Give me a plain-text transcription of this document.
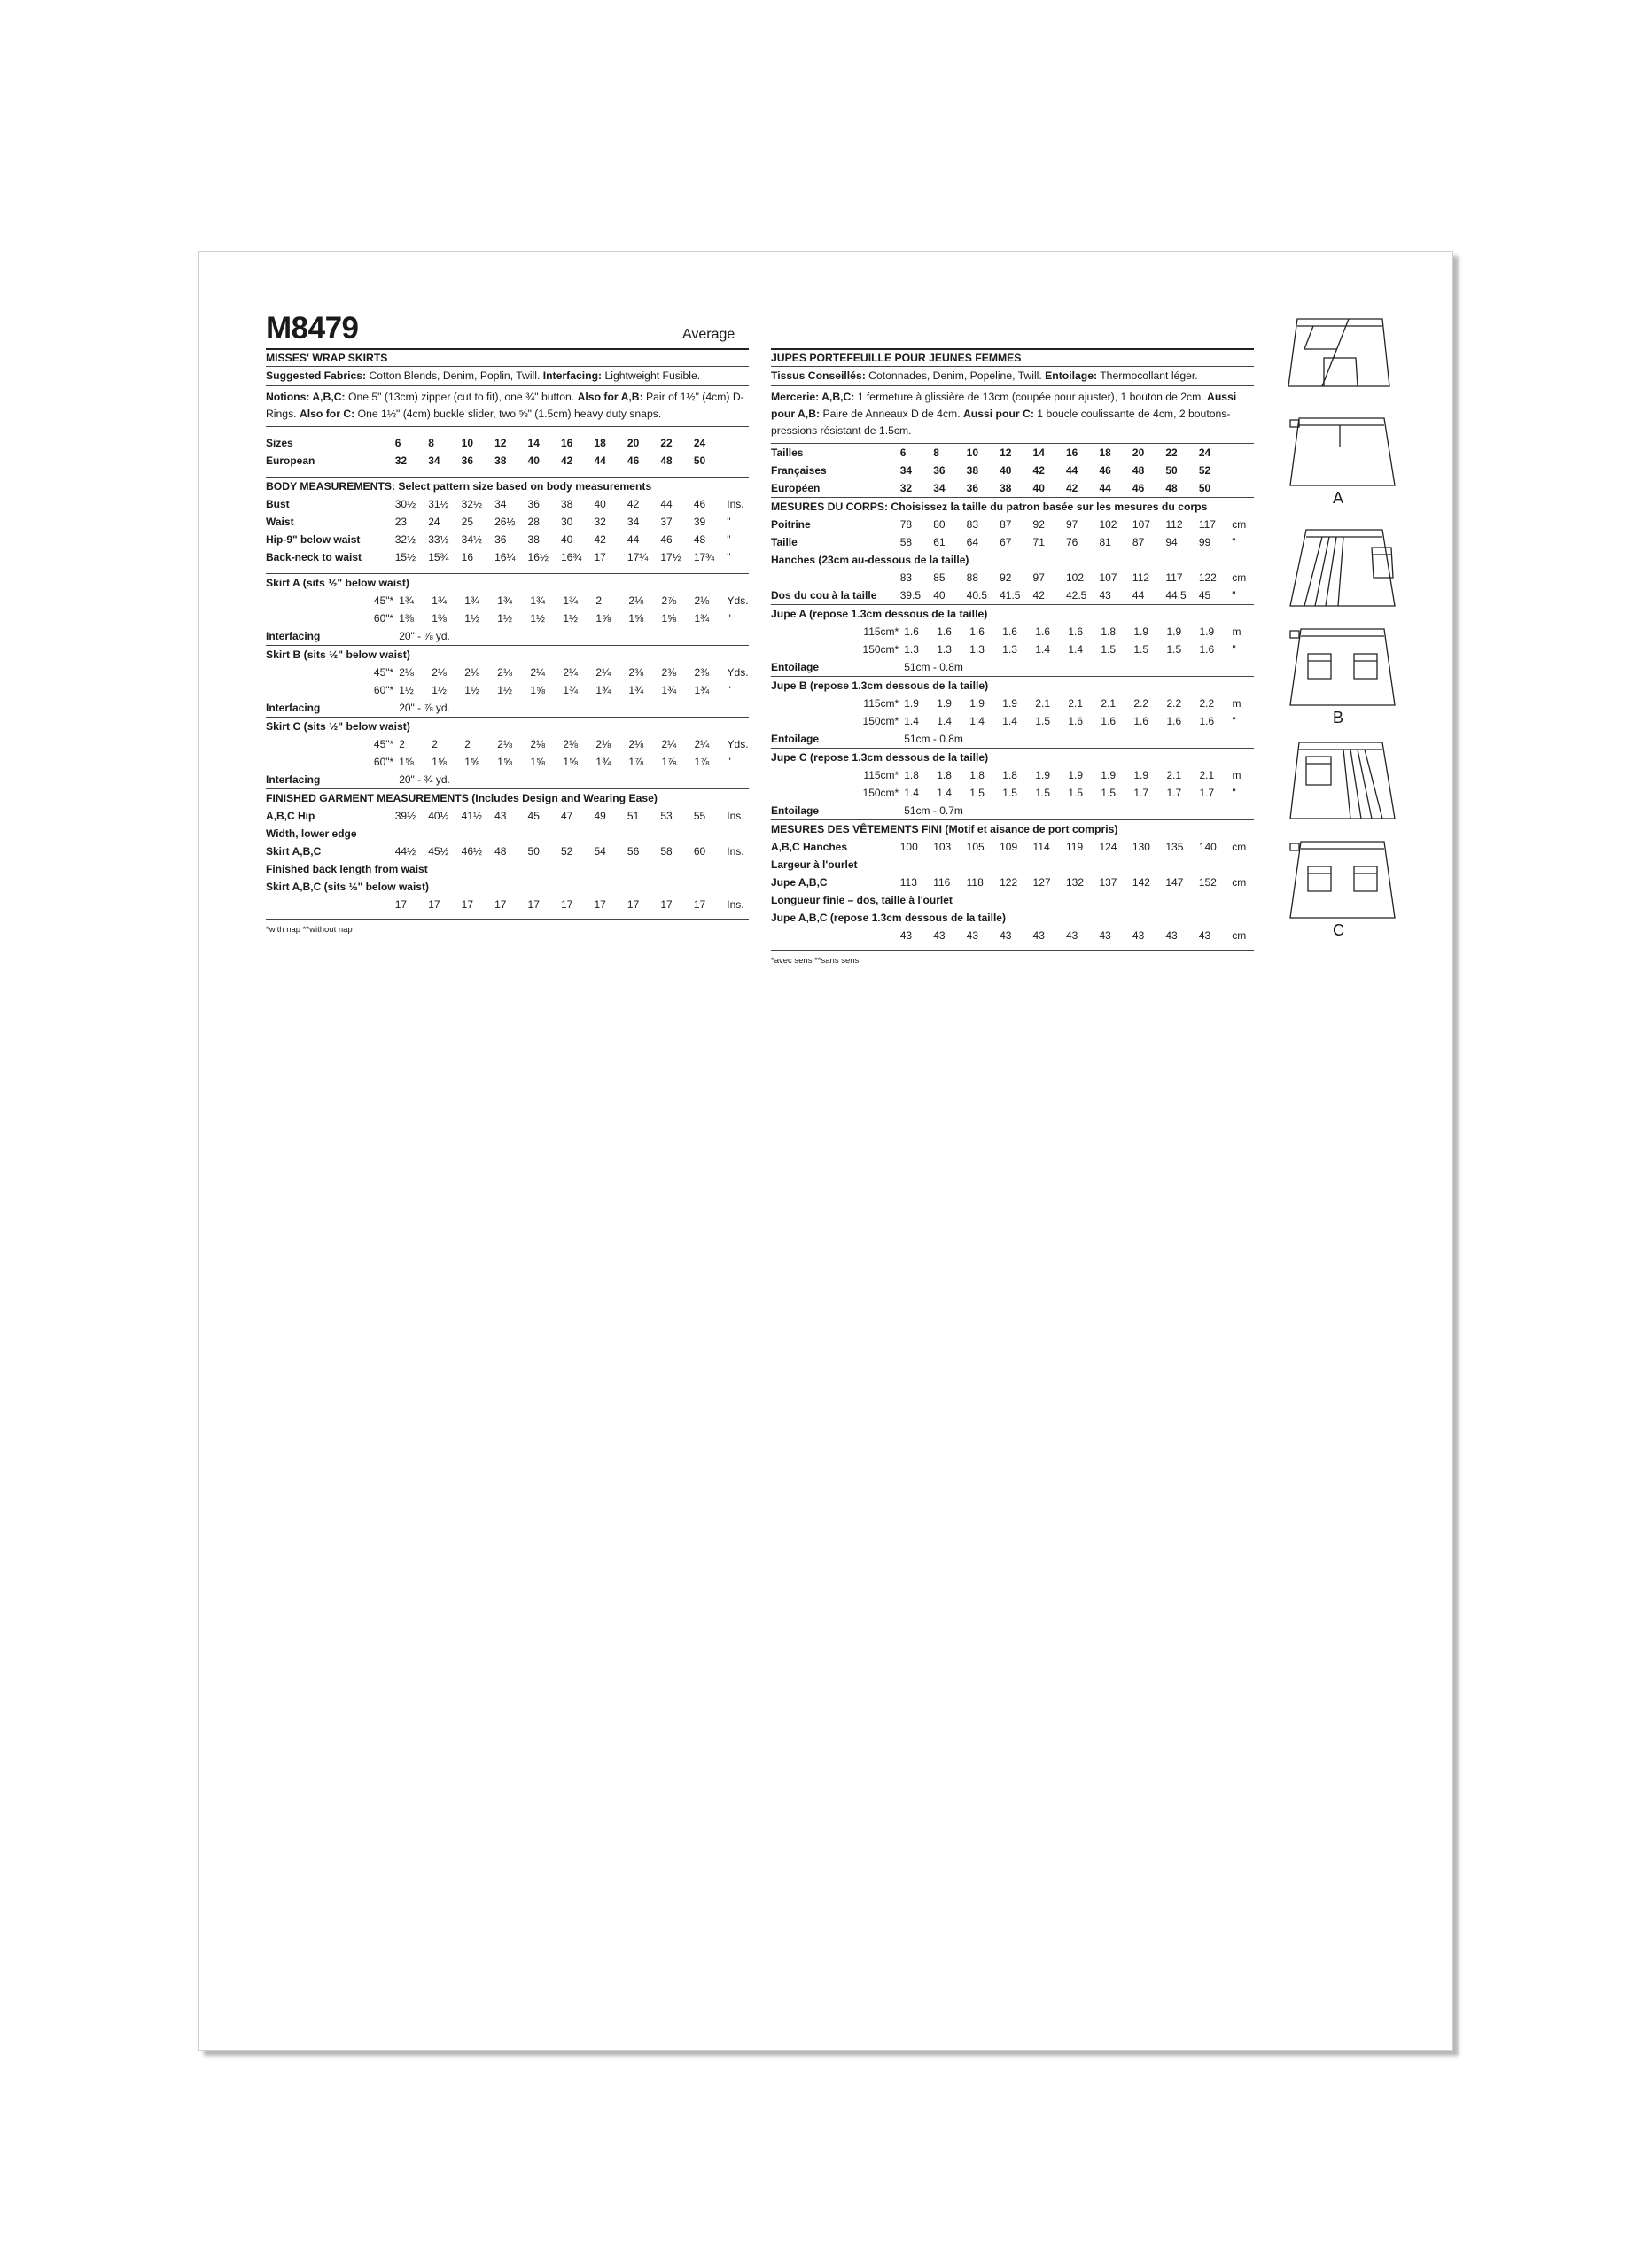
M8479	Average
MISSES' WRAP SKIRTS
Suggested Fabrics: Cotton Blends, Denim, Poplin, Twill. Interfacing: Lightweight Fusible.
Notions: A,B,C: One 5" (13cm) zipper (cut to fit), one ¾" button. Also for A,B: Pair of 1½" (4cm) D-Rings. Also for C: One 1½" (4cm) buckle slider, two ⅝" (1.5cm) heavy duty snaps.
Sizes	6	8	10	12	14	16	18	20	22	24	
European	32	34	36	38	40	42	44	46	48	50	
BODY MEASUREMENTS: Select pattern size based on body measurements
Bust	30½	31½	32½	34	36	38	40	42	44	46	Ins.
Waist	23	24	25	26½	28	30	32	34	37	39	"
Hip-9" below waist	32½	33½	34½	36	38	40	42	44	46	48	"
Back-neck to waist	15½	15¾	16	16¼	16½	16¾	17	17¼	17½	17¾	"
Skirt A (sits ½" below waist)
45"*	1¾	1¾	1¾	1¾	1¾	1¾	2	2⅛	2⅞	2⅛	Yds.
60"*	1⅜	1⅜	1½	1½	1½	1½	1⅝	1⅝	1⅝	1¾	"
Interfacing	20" - ⅞ yd.										
Skirt B (sits ½" below waist)
45"*	2⅛	2⅛	2⅛	2⅛	2¼	2¼	2¼	2⅜	2⅜	2⅜	Yds.
60"*	1½	1½	1½	1½	1⅝	1¾	1¾	1¾	1¾	1¾	"
Interfacing	20" - ⅞ yd.										
Skirt C (sits ½" below waist)
45"*	2	2	2	2⅛	2⅛	2⅛	2⅛	2⅛	2¼	2¼	Yds.
60"*	1⅝	1⅝	1⅝	1⅝	1⅝	1⅝	1¾	1⅞	1⅞	1⅞	"
Interfacing	20" - ¾ yd.										
FINISHED GARMENT MEASUREMENTS (Includes Design and Wearing Ease)
A,B,C Hip	39½	40½	41½	43	45	47	49	51	53	55	Ins.
Width, lower edge											
Skirt A,B,C	44½	45½	46½	48	50	52	54	56	58	60	Ins.
Finished back length from waist											
Skirt A,B,C (sits ½" below waist)											
	17	17	17	17	17	17	17	17	17	17	Ins.
*with nap **without nap
JUPES PORTEFEUILLE POUR JEUNES FEMMES
Tissus Conseillés: Cotonnades, Denim, Popeline, Twill. Entoilage: Thermocollant léger.
Mercerie: A,B,C: 1 fermeture à glissière de 13cm (coupée pour ajuster), 1 bouton de 2cm. Aussi pour A,B: Paire de Anneaux D de 4cm. Aussi pour C: 1 boucle coulissante de 4cm, 2 boutons-pressions résistant de 1.5cm.
Tailles	6	8	10	12	14	16	18	20	22	24	
Françaises	34	36	38	40	42	44	46	48	50	52	
Européen	32	34	36	38	40	42	44	46	48	50	
MESURES DU CORPS: Choisissez la taille du patron basée sur les mesures du corps
Poitrine	78	80	83	87	92	97	102	107	112	117	cm
Taille	58	61	64	67	71	76	81	87	94	99	"
Hanches (23cm au-dessous de la taille)											
	83	85	88	92	97	102	107	112	117	122	cm
Dos du cou à la taille	39.5	40	40.5	41.5	42	42.5	43	44	44.5	45	"
Jupe A (repose 1.3cm dessous de la taille)
115cm*	1.6	1.6	1.6	1.6	1.6	1.6	1.8	1.9	1.9	1.9	m
150cm*	1.3	1.3	1.3	1.3	1.4	1.4	1.5	1.5	1.5	1.6	"
Entoilage	51cm - 0.8m										
Jupe B (repose 1.3cm dessous de la taille)
115cm*	1.9	1.9	1.9	1.9	2.1	2.1	2.1	2.2	2.2	2.2	m
150cm*	1.4	1.4	1.4	1.4	1.5	1.6	1.6	1.6	1.6	1.6	"
Entoilage	51cm - 0.8m										
Jupe C (repose 1.3cm dessous de la taille)
115cm*	1.8	1.8	1.8	1.8	1.9	1.9	1.9	1.9	2.1	2.1	m
150cm*	1.4	1.4	1.5	1.5	1.5	1.5	1.5	1.7	1.7	1.7	"
Entoilage	51cm - 0.7m										
MESURES DES VÊTEMENTS FINI (Motif et aisance de port compris)
A,B,C Hanches	100	103	105	109	114	119	124	130	135	140	cm
Largeur à l'ourlet											
Jupe A,B,C	113	116	118	122	127	132	137	142	147	152	cm
Longueur finie – dos, taille à l'ourlet											
Jupe A,B,C (repose 1.3cm dessous de la taille)											
	43	43	43	43	43	43	43	43	43	43	cm
*avec sens **sans sens
A
B
C
